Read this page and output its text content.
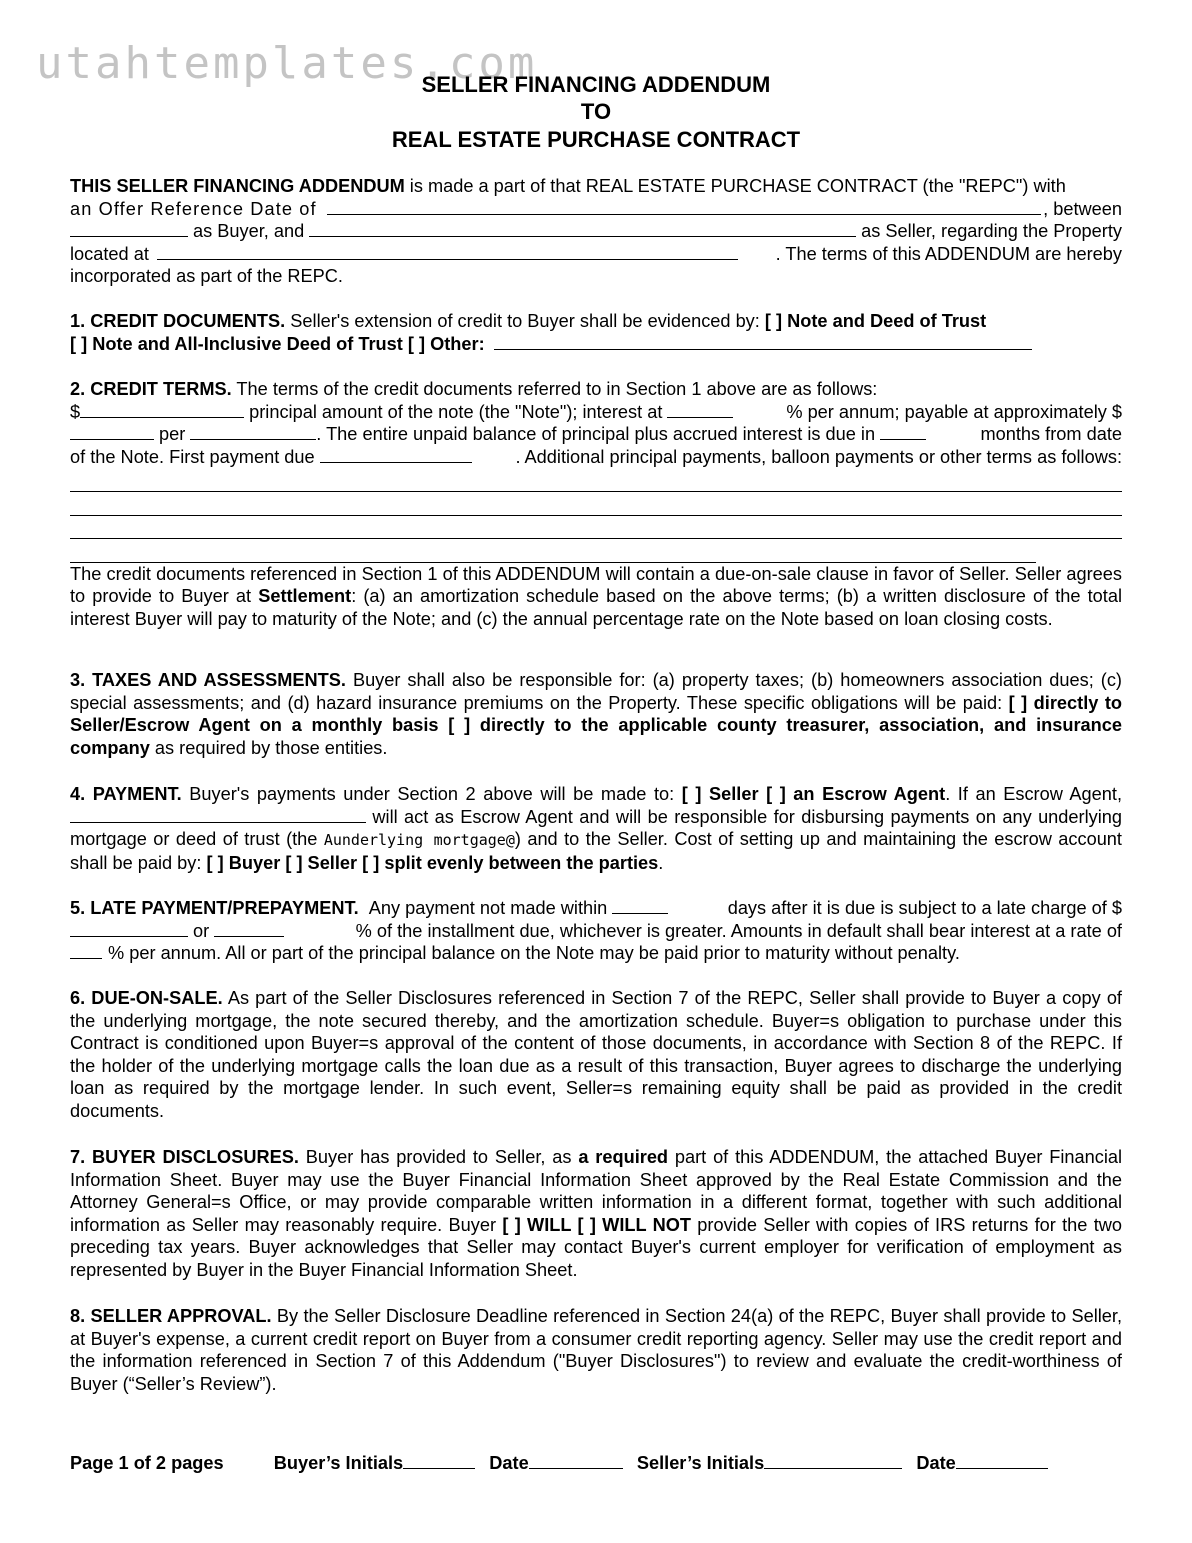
utahtemplates.com
SELLER FINANCING ADDENDUM
TO
REAL ESTATE PURCHASE CONTRACT
THIS SELLER FINANCING ADDENDUM is made a part of that REAL ESTATE PURCHASE CONTRACT (the "REPC") with
an Offer Reference Date of	, between
as Buyer, and	as Seller, regarding the Property
located at	. The terms of this ADDENDUM are hereby
incorporated as part of the REPC.
1. CREDIT DOCUMENTS. Seller's extension of credit to Buyer shall be evidenced by: [ ] Note and Deed of Trust
[ ] Note and All-Inclusive Deed of Trust [ ] Other:
2. CREDIT TERMS. The terms of the credit documents referred to in Section 1 above are as follows:
$	principal amount of the note (the "Note"); interest at	% per annum; payable at approximately $
per	. The entire unpaid balance of principal plus accrued interest is due in	months from date
of the Note. First payment due	. Additional principal payments, balloon payments or other terms as follows:

The credit documents referenced in Section 1 of this ADDENDUM will contain a due-on-sale clause in favor of Seller. Seller agrees to provide to Buyer at Settlement: (a) an amortization schedule based on the above terms; (b) a written disclosure of the total interest Buyer will pay to maturity of the Note; and (c) the annual percentage rate on the Note based on loan closing costs.

3. TAXES AND ASSESSMENTS. Buyer shall also be responsible for: (a) property taxes; (b) homeowners association dues; (c) special assessments; and (d) hazard insurance premiums on the Property. These specific obligations will be paid: [ ] directly to Seller/Escrow Agent on a monthly basis [ ] directly to the applicable county treasurer, association, and insurance company as required by those entities.

4. PAYMENT. Buyer's payments under Section 2 above will be made to: [ ] Seller [ ] an Escrow Agent. If an Escrow Agent,  will act as Escrow Agent and will be responsible for disbursing payments on any underlying mortgage or deed of trust (the Aunderlying mortgage@) and to the Seller. Cost of setting up and maintaining the escrow account shall be paid by: [ ] Buyer [ ] Seller [ ] split evenly between the parties.

5. LATE PAYMENT/PREPAYMENT. Any payment not made within	days after it is due is subject to a late charge of $
or	% of the installment due, whichever is greater. Amounts in default shall bear interest at a rate of
% per annum. All or part of the principal balance on the Note may be paid prior to maturity without penalty.

6. DUE-ON-SALE. As part of the Seller Disclosures referenced in Section 7 of the REPC, Seller shall provide to Buyer a copy of the underlying mortgage, the note secured thereby, and the amortization schedule. Buyer=s obligation to purchase under this Contract is conditioned upon Buyer=s approval of the content of those documents, in accordance with Section 8 of the REPC. If the holder of the underlying mortgage calls the loan due as a result of this transaction, Buyer agrees to discharge the underlying loan as required by the mortgage lender. In such event, Seller=s remaining equity shall be paid as provided in the credit documents.

7. BUYER DISCLOSURES. Buyer has provided to Seller, as a required part of this ADDENDUM, the attached Buyer Financial Information Sheet. Buyer may use the Buyer Financial Information Sheet approved by the Real Estate Commission and the Attorney General=s Office, or may provide comparable written information in a different format, together with such additional information as Seller may reasonably require. Buyer [ ] WILL [ ] WILL NOT provide Seller with copies of IRS returns for the two preceding tax years. Buyer acknowledges that Seller may contact Buyer's current employer for verification of employment as represented by Buyer in the Buyer Financial Information Sheet.

8. SELLER APPROVAL. By the Seller Disclosure Deadline referenced in Section 24(a) of the REPC, Buyer shall provide to Seller, at Buyer's expense, a current credit report on Buyer from a consumer credit reporting agency. Seller may use the credit report and the information referenced in Section 7 of this Addendum ("Buyer Disclosures") to review and evaluate the credit-worthiness of Buyer (“Seller’s Review”).

Page 1 of 2 pages	Buyer’s Initials	Date	Seller’s Initials	Date
